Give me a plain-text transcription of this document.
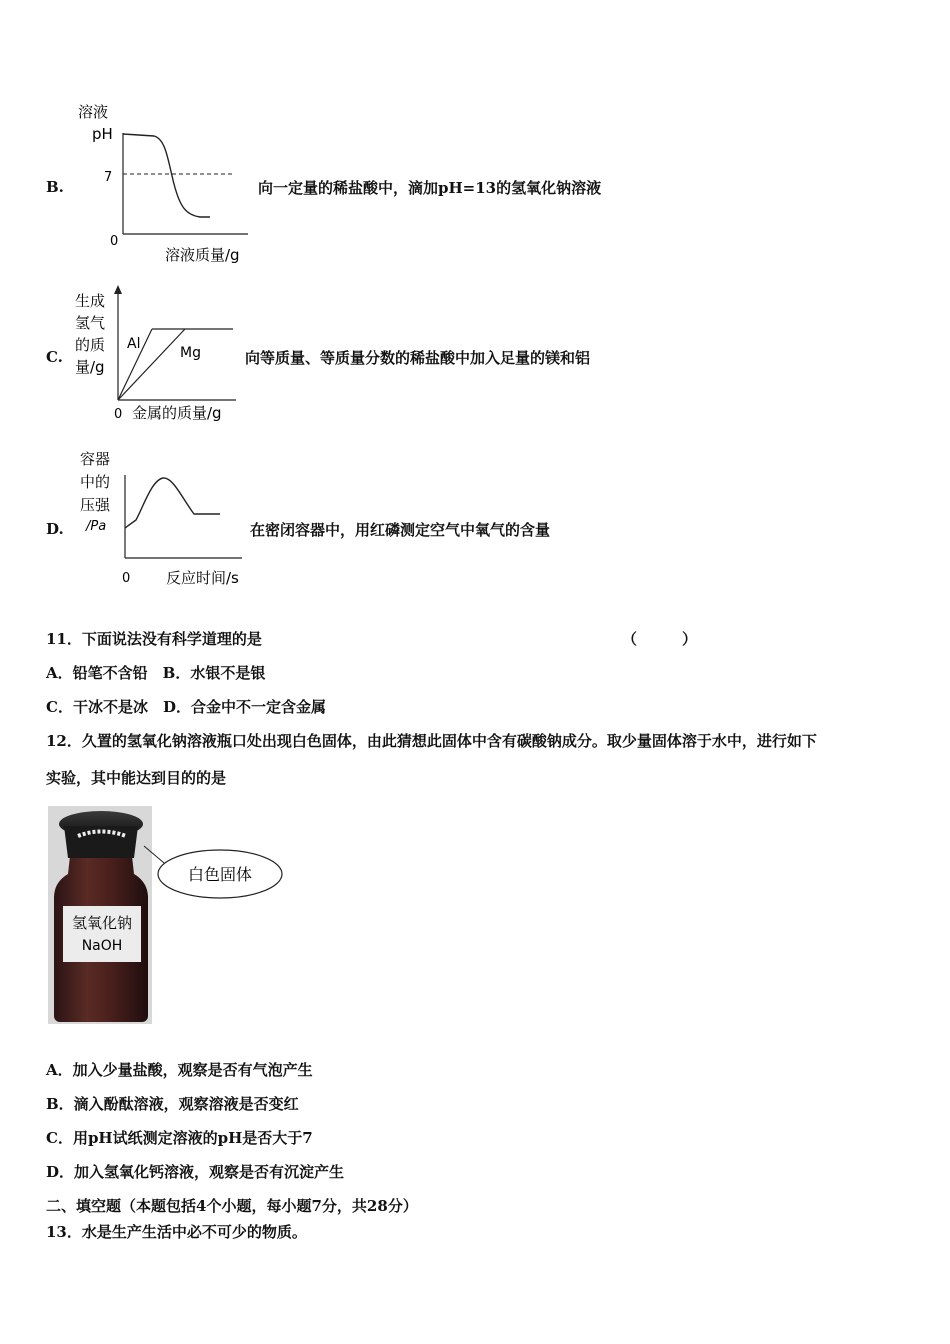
B.
溶液
pH
7
0
溶液质量/g
向一定量的稀盐酸中，滴加pH=13的氢氧化钠溶液
C.
生成
氢气
的质
量/g
0 金属的质量/g
Al
Mg	向等质量、等质量分数的稀盐酸中加入足量的镁和铝
D.
容器
中的
压强
/Pa
0 反应时间/s
在密闭容器中，用红磷测定空气中氧气的含量
11．下面说法没有科学道理的是	（　　　）
A．铅笔不含铅　B．水银不是银
C．干冰不是冰　D．合金中不一定含金属
12．久置的氢氧化钠溶液瓶口处出现白色固体，由此猜想此固体中含有碳酸钠成分。取少量固体溶于水中，进行如下
实验，其中能达到目的的是
氢氧化钠
NaOH
白色固体
A．加入少量盐酸，观察是否有气泡产生
B．滴入酚酞溶液，观察溶液是否变红
C．用pH试纸测定溶液的pH是否大于7
D．加入氢氧化钙溶液，观察是否有沉淀产生
二、填空题（本题包括4个小题，每小题7分，共28分）
13．水是生产生活中必不可少的物质。
